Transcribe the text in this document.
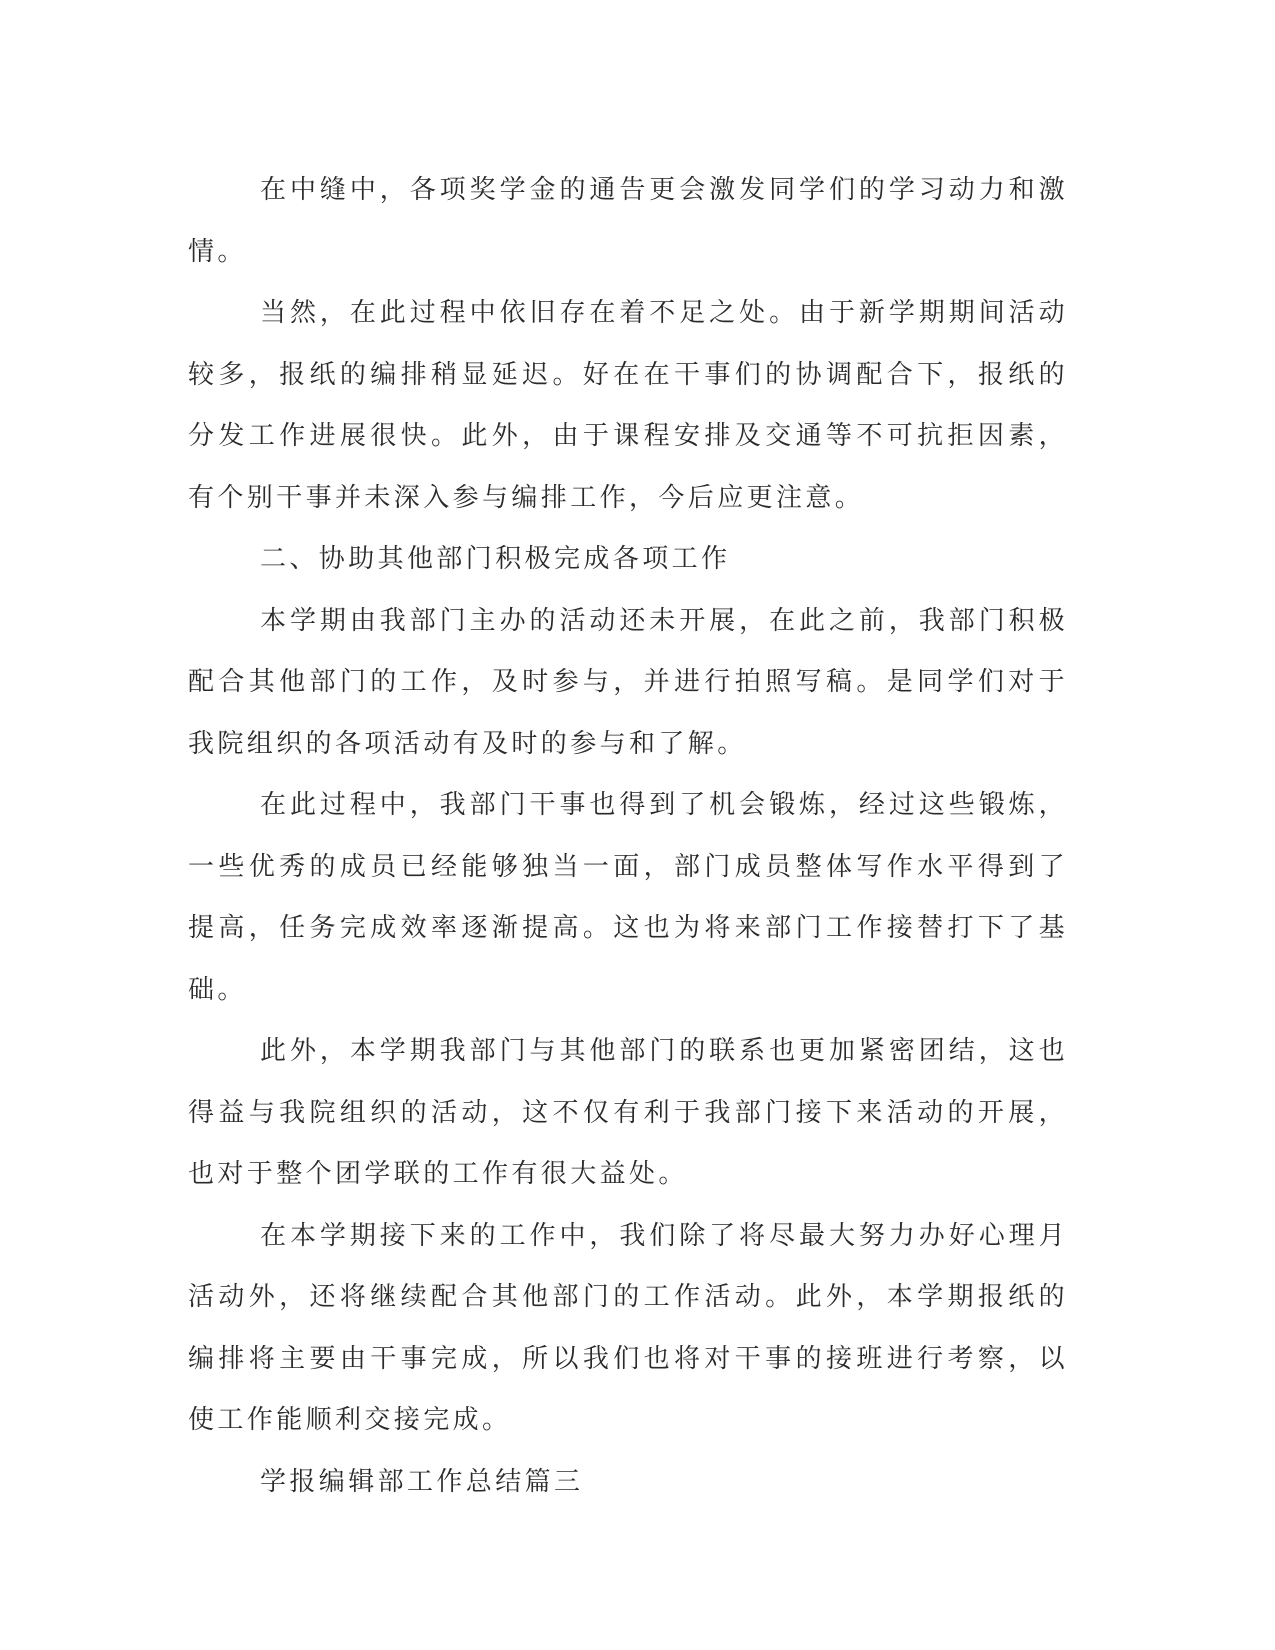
在中缝中，各项奖学金的通告更会激发同学们的学习动力和激情。

当然，在此过程中依旧存在着不足之处。由于新学期期间活动较多，报纸的编排稍显延迟。好在在干事们的协调配合下，报纸的分发工作进展很快。此外，由于课程安排及交通等不可抗拒因素，有个别干事并未深入参与编排工作，今后应更注意。

二、协助其他部门积极完成各项工作

本学期由我部门主办的活动还未开展，在此之前，我部门积极配合其他部门的工作，及时参与，并进行拍照写稿。是同学们对于我院组织的各项活动有及时的参与和了解。

在此过程中，我部门干事也得到了机会锻炼，经过这些锻炼，一些优秀的成员已经能够独当一面，部门成员整体写作水平得到了提高，任务完成效率逐渐提高。这也为将来部门工作接替打下了基础。

此外，本学期我部门与其他部门的联系也更加紧密团结，这也得益与我院组织的活动，这不仅有利于我部门接下来活动的开展，也对于整个团学联的工作有很大益处。

在本学期接下来的工作中，我们除了将尽最大努力办好心理月活动外，还将继续配合其他部门的工作活动。此外，本学期报纸的编排将主要由干事完成，所以我们也将对干事的接班进行考察，以使工作能顺利交接完成。

学报编辑部工作总结篇三
